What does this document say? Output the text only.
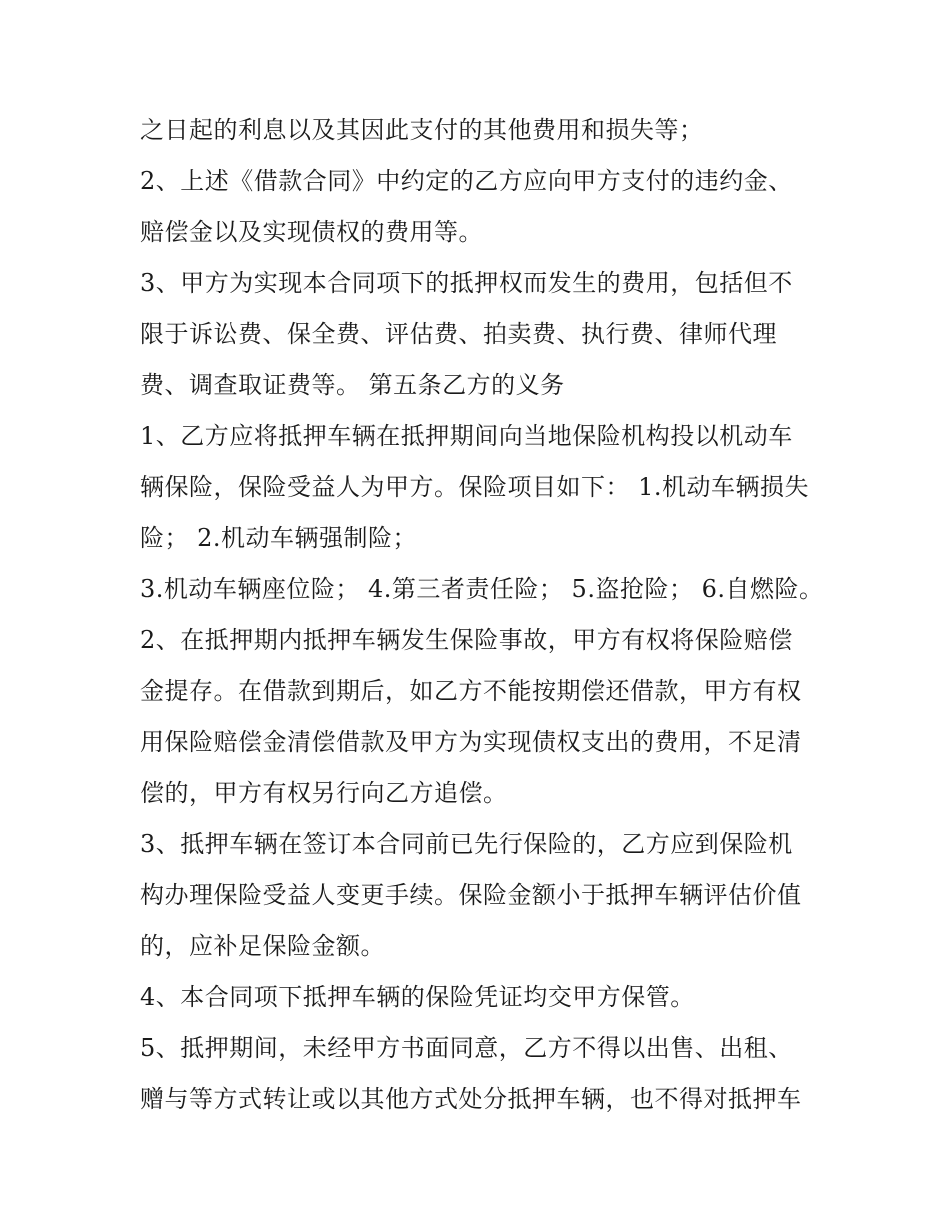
之日起的利息以及其因此支付的其他费用和损失等；
2、上述《借款合同》中约定的乙方应向甲方支付的违约金、
赔偿金以及实现债权的费用等。
3、甲方为实现本合同项下的抵押权而发生的费用，包括但不
限于诉讼费、保全费、评估费、拍卖费、执行费、律师代理
费、调查取证费等。 第五条乙方的义务
1、乙方应将抵押车辆在抵押期间向当地保险机构投以机动车
辆保险，保险受益人为甲方。保险项目如下： 1.机动车辆损失
险； 2.机动车辆强制险；
3.机动车辆座位险； 4.第三者责任险； 5.盗抢险； 6.自燃险。
2、在抵押期内抵押车辆发生保险事故，甲方有权将保险赔偿
金提存。在借款到期后，如乙方不能按期偿还借款，甲方有权
用保险赔偿金清偿借款及甲方为实现债权支出的费用，不足清
偿的，甲方有权另行向乙方追偿。
3、抵押车辆在签订本合同前已先行保险的，乙方应到保险机
构办理保险受益人变更手续。保险金额小于抵押车辆评估价值
的，应补足保险金额。
4、本合同项下抵押车辆的保险凭证均交甲方保管。
5、抵押期间，未经甲方书面同意，乙方不得以出售、出租、
赠与等方式转让或以其他方式处分抵押车辆，也不得对抵押车
